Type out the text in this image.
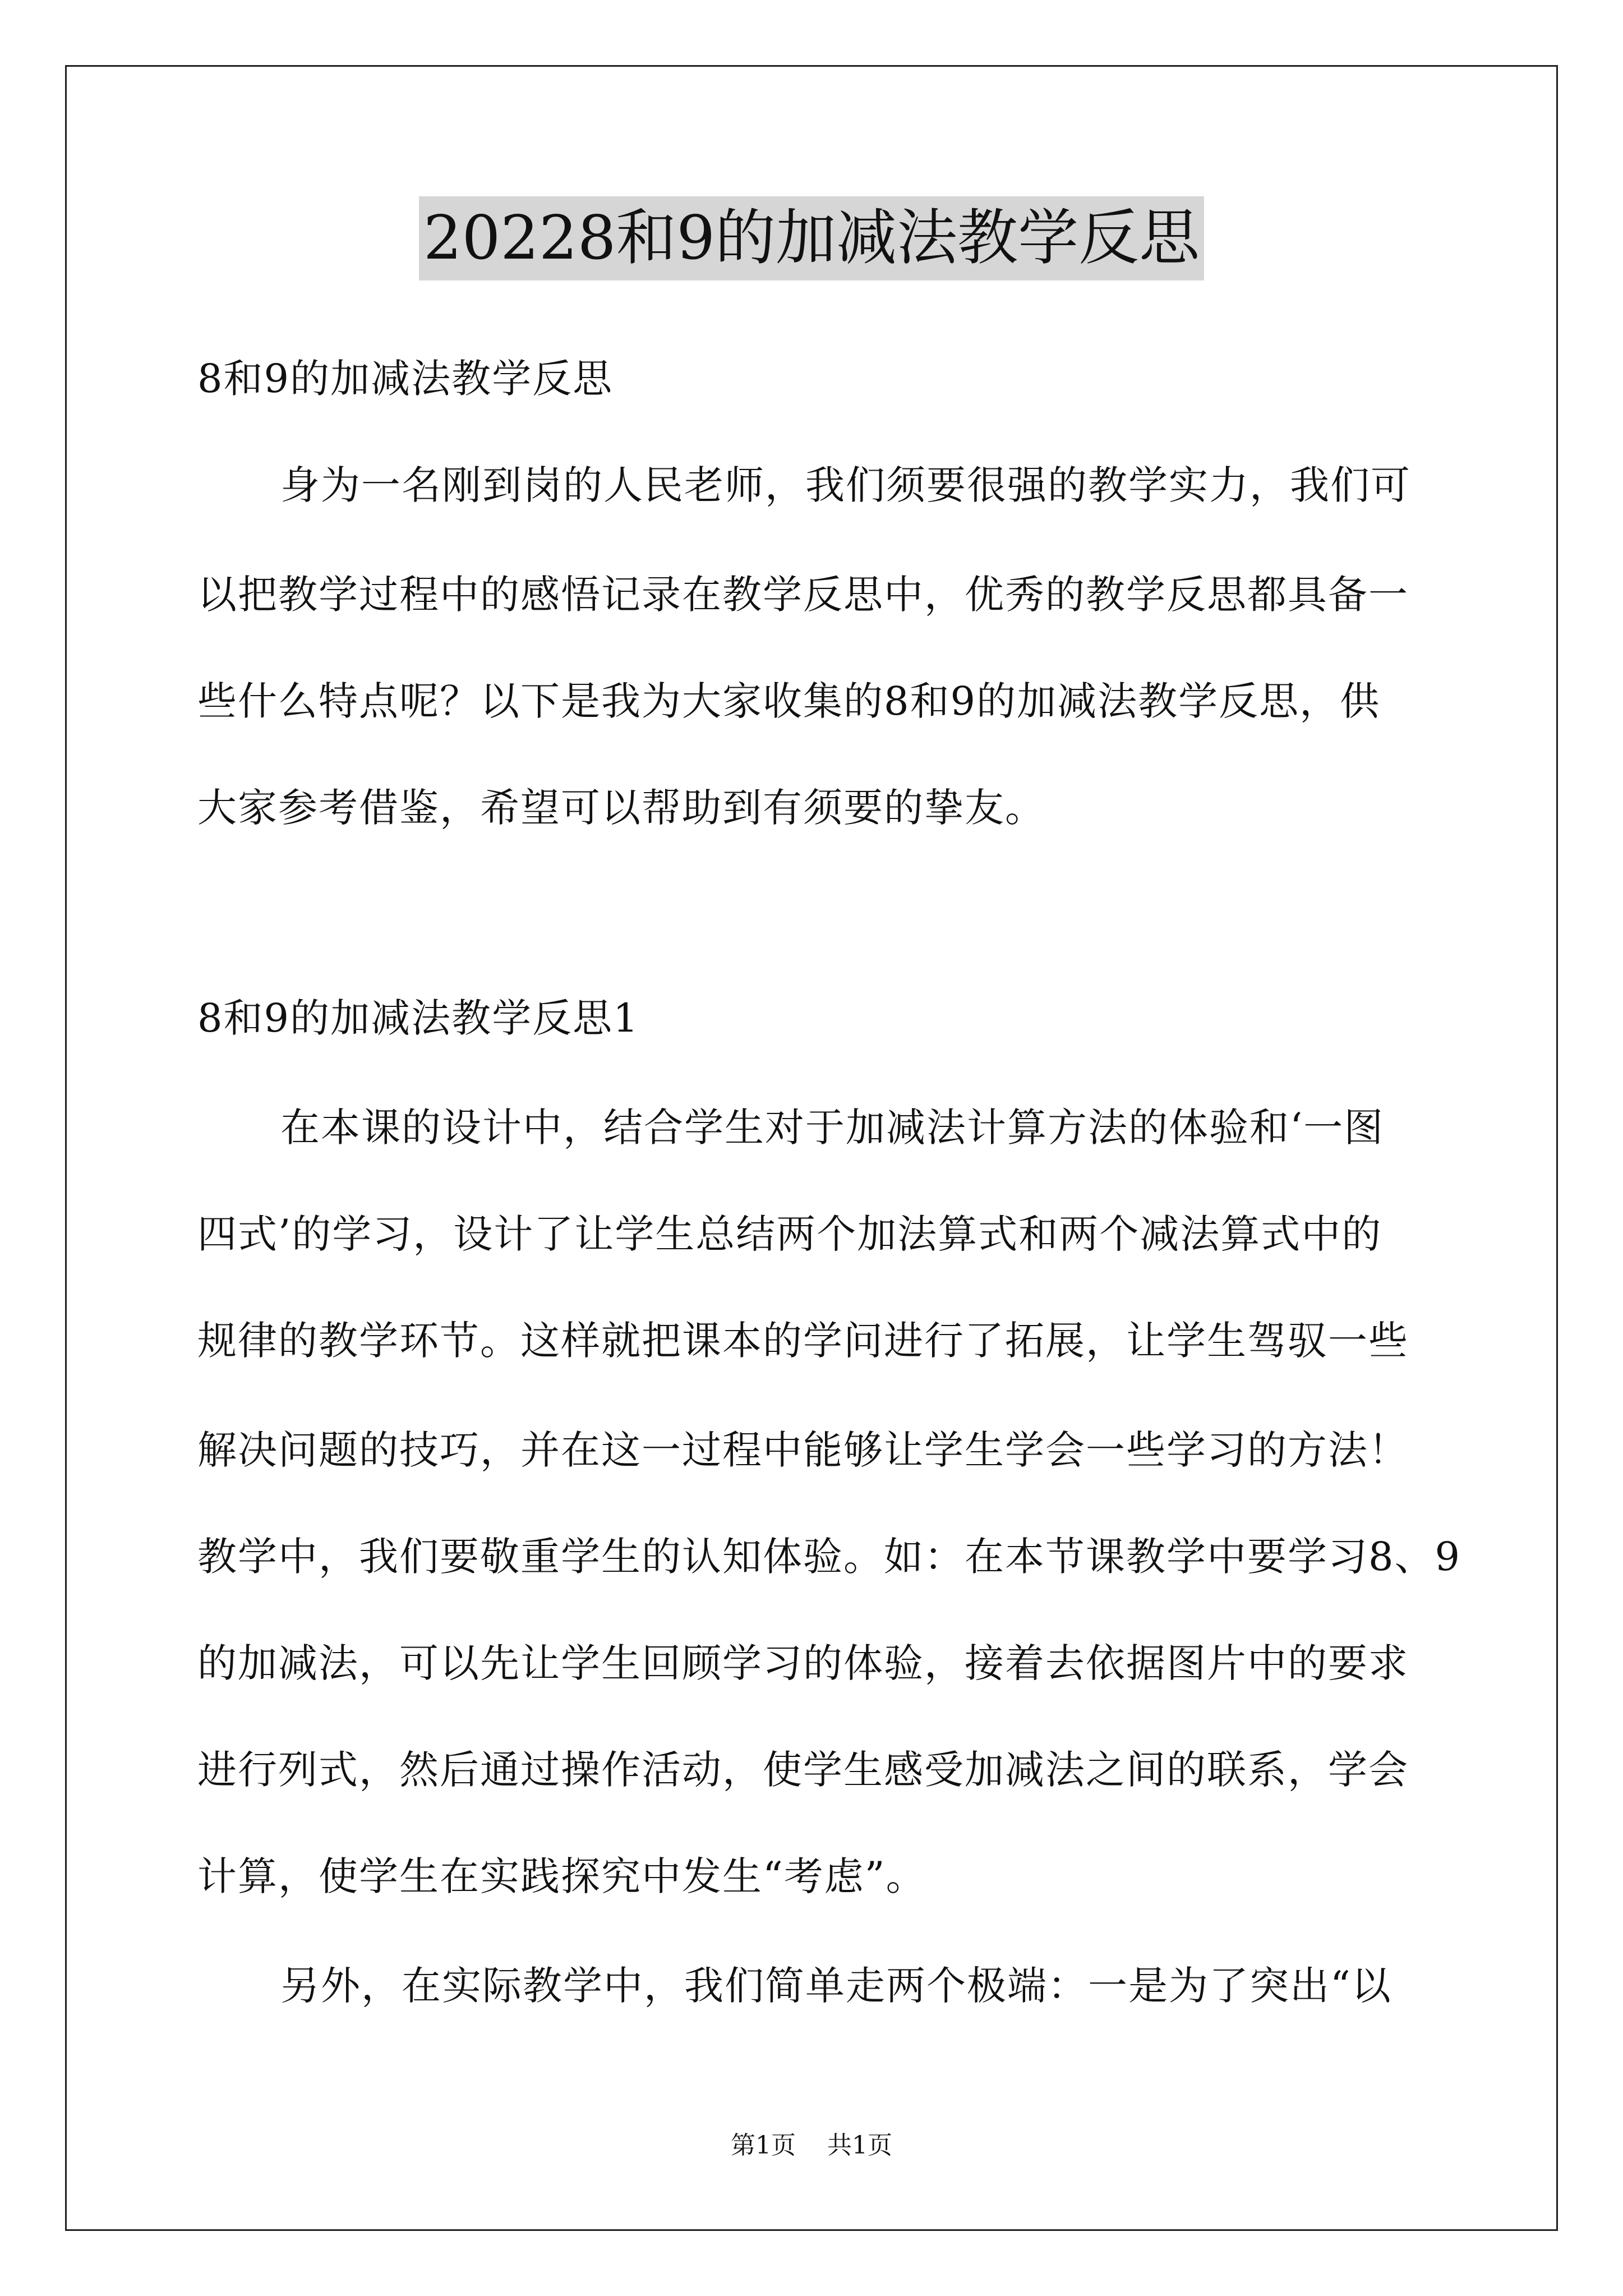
20228和9的加减法教学反思
8和9的加减法教学反思
身为一名刚到岗的人民老师，我们须要很强的教学实力，我们可
以把教学过程中的感悟记录在教学反思中，优秀的教学反思都具备一
些什么特点呢？以下是我为大家收集的8和9的加减法教学反思，供
大家参考借鉴，希望可以帮助到有须要的挚友。
8和9的加减法教学反思1
在本课的设计中，结合学生对于加减法计算方法的体验和‘一图
四式’的学习，设计了让学生总结两个加法算式和两个减法算式中的
规律的教学环节。这样就把课本的学问进行了拓展，让学生驾驭一些
解决问题的技巧，并在这一过程中能够让学生学会一些学习的方法！
教学中，我们要敬重学生的认知体验。如：在本节课教学中要学习8、9
的加减法，可以先让学生回顾学习的体验，接着去依据图片中的要求
进行列式，然后通过操作活动，使学生感受加减法之间的联系，学会
计算，使学生在实践探究中发生“考虑”。
另外，在实际教学中，我们简单走两个极端：一是为了突出“以
第1页    共1页
